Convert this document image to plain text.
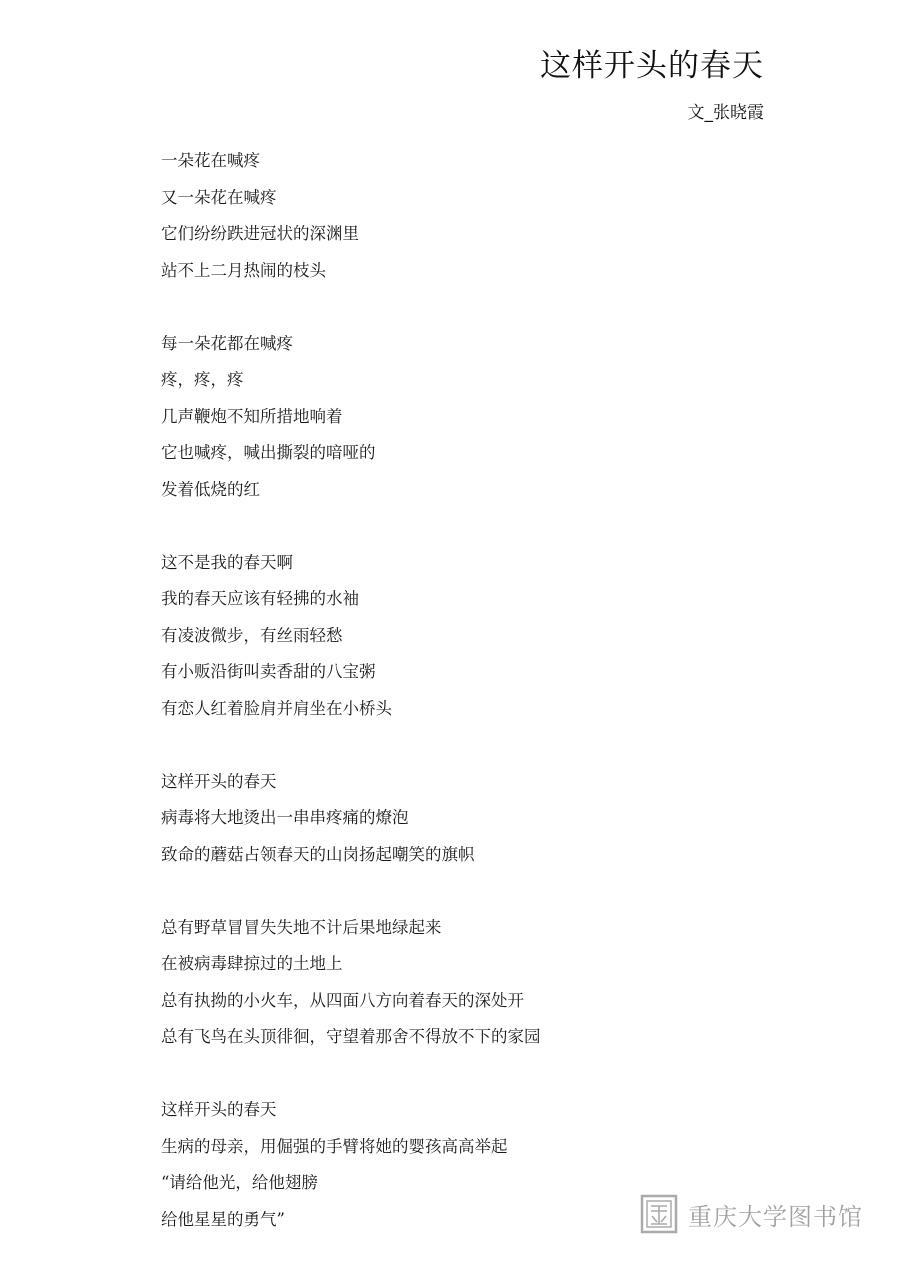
这样开头的春天
文_张晓霞
一朵花在喊疼
又一朵花在喊疼
它们纷纷跌进冠状的深渊里
站不上二月热闹的枝头
每一朵花都在喊疼
疼，疼，疼
几声鞭炮不知所措地响着
它也喊疼，喊出撕裂的喑哑的
发着低烧的红
这不是我的春天啊
我的春天应该有轻拂的水袖
有凌波微步，有丝雨轻愁
有小贩沿街叫卖香甜的八宝粥
有恋人红着脸肩并肩坐在小桥头
这样开头的春天
病毒将大地烫出一串串疼痛的燎泡
致命的蘑菇占领春天的山岗扬起嘲笑的旗帜
总有野草冒冒失失地不计后果地绿起来
在被病毒肆掠过的土地上
总有执拗的小火车，从四面八方向着春天的深处开
总有飞鸟在头顶徘徊，守望着那舍不得放不下的家园
这样开头的春天
生病的母亲，用倔强的手臂将她的婴孩高高举起
“请给他光，给他翅膀
给他星星的勇气”	重庆大学图书馆
